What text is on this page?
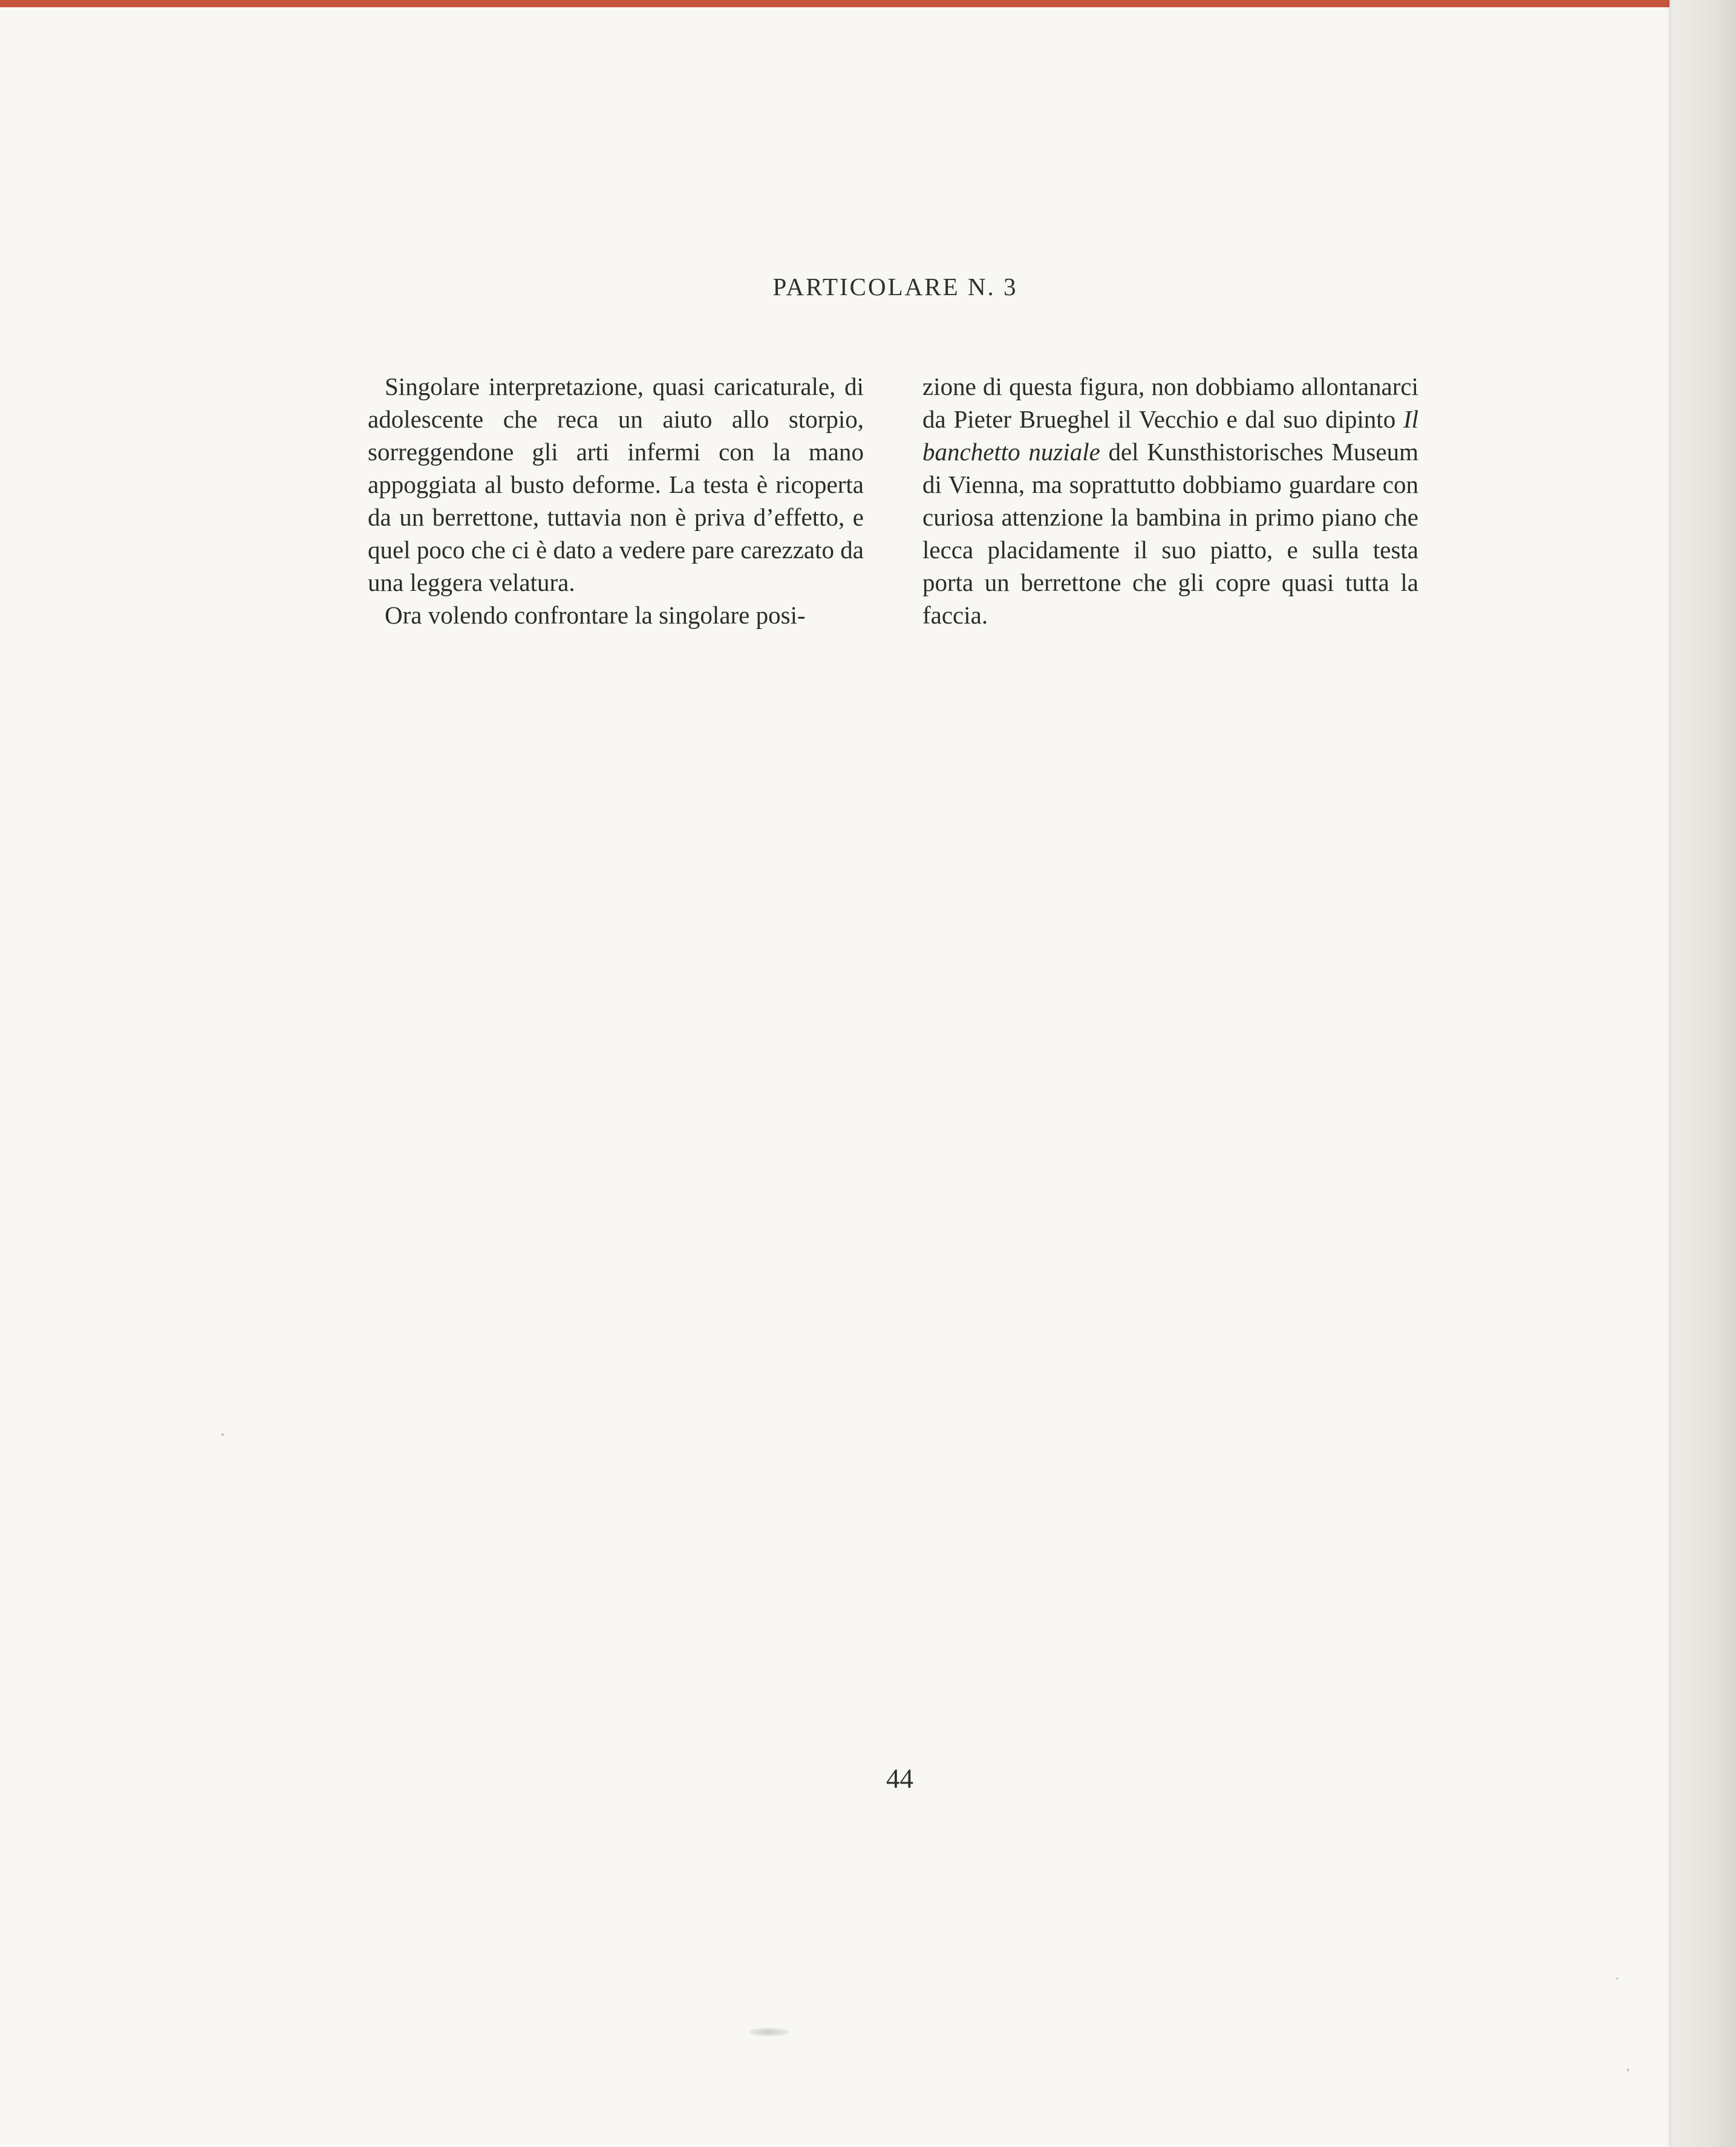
PARTICOLARE N. 3

Singolare interpretazione, quasi caricaturale, di adolescente che reca un aiuto allo storpio, sorreggendone gli arti infermi con la mano appoggiata al busto deforme. La testa è ricoperta da un berrettone, tuttavia non è priva d’effetto, e quel poco che ci è dato a vedere pare carezzato da una leggera velatura.

Ora volendo confrontare la singolare posi-

zione di questa figura, non dobbiamo allontanarci da Pieter Brueghel il Vecchio e dal suo dipinto Il banchetto nuziale del Kunsthistorisches Museum di Vienna, ma soprattutto dobbiamo guardare con curiosa attenzione la bambina in primo piano che lecca placidamente il suo piatto, e sulla testa porta un berrettone che gli copre quasi tutta la faccia.

44
